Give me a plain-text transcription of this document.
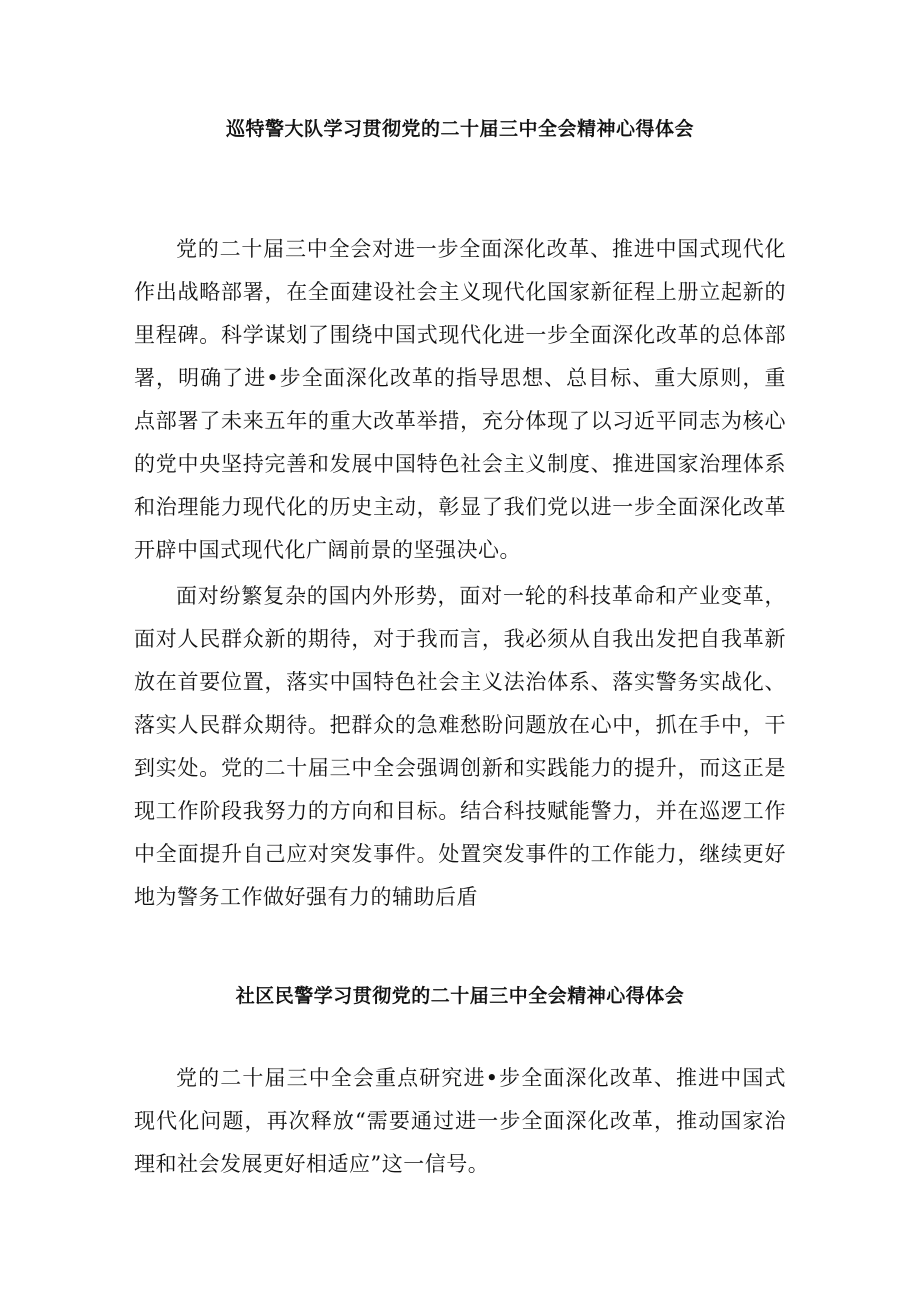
巡特警大队学习贯彻党的二十届三中全会精神心得体会
党的二十届三中全会对进一步全面深化改革、推进中国式现代化作出战略部署，在全面建设社会主义现代化国家新征程上册立起新的里程碑。科学谋划了围绕中国式现代化进一步全面深化改革的总体部署，明确了进•步全面深化改革的指导思想、总目标、重大原则，重点部署了未来五年的重大改革举措，充分体现了以习近平同志为核心的党中央坚持完善和发展中国特色社会主义制度、推进国家治理体系和治理能力现代化的历史主动，彰显了我们党以进一步全面深化改革开辟中国式现代化广阔前景的坚强决心。
面对纷繁复杂的国内外形势，面对一轮的科技革命和产业变革，面对人民群众新的期待，对于我而言，我必须从自我出发把自我革新放在首要位置，落实中国特色社会主义法治体系、落实警务实战化、落实人民群众期待。把群众的急难愁盼问题放在心中，抓在手中，干到实处。党的二十届三中全会强调创新和实践能力的提升，而这正是现工作阶段我努力的方向和目标。结合科技赋能警力，并在巡逻工作中全面提升自己应对突发事件。处置突发事件的工作能力，继续更好地为警务工作做好强有力的辅助后盾
社区民警学习贯彻党的二十届三中全会精神心得体会
党的二十届三中全会重点研究进•步全面深化改革、推进中国式现代化问题，再次释放“需要通过进一步全面深化改革，推动国家治理和社会发展更好相适应”这一信号。
